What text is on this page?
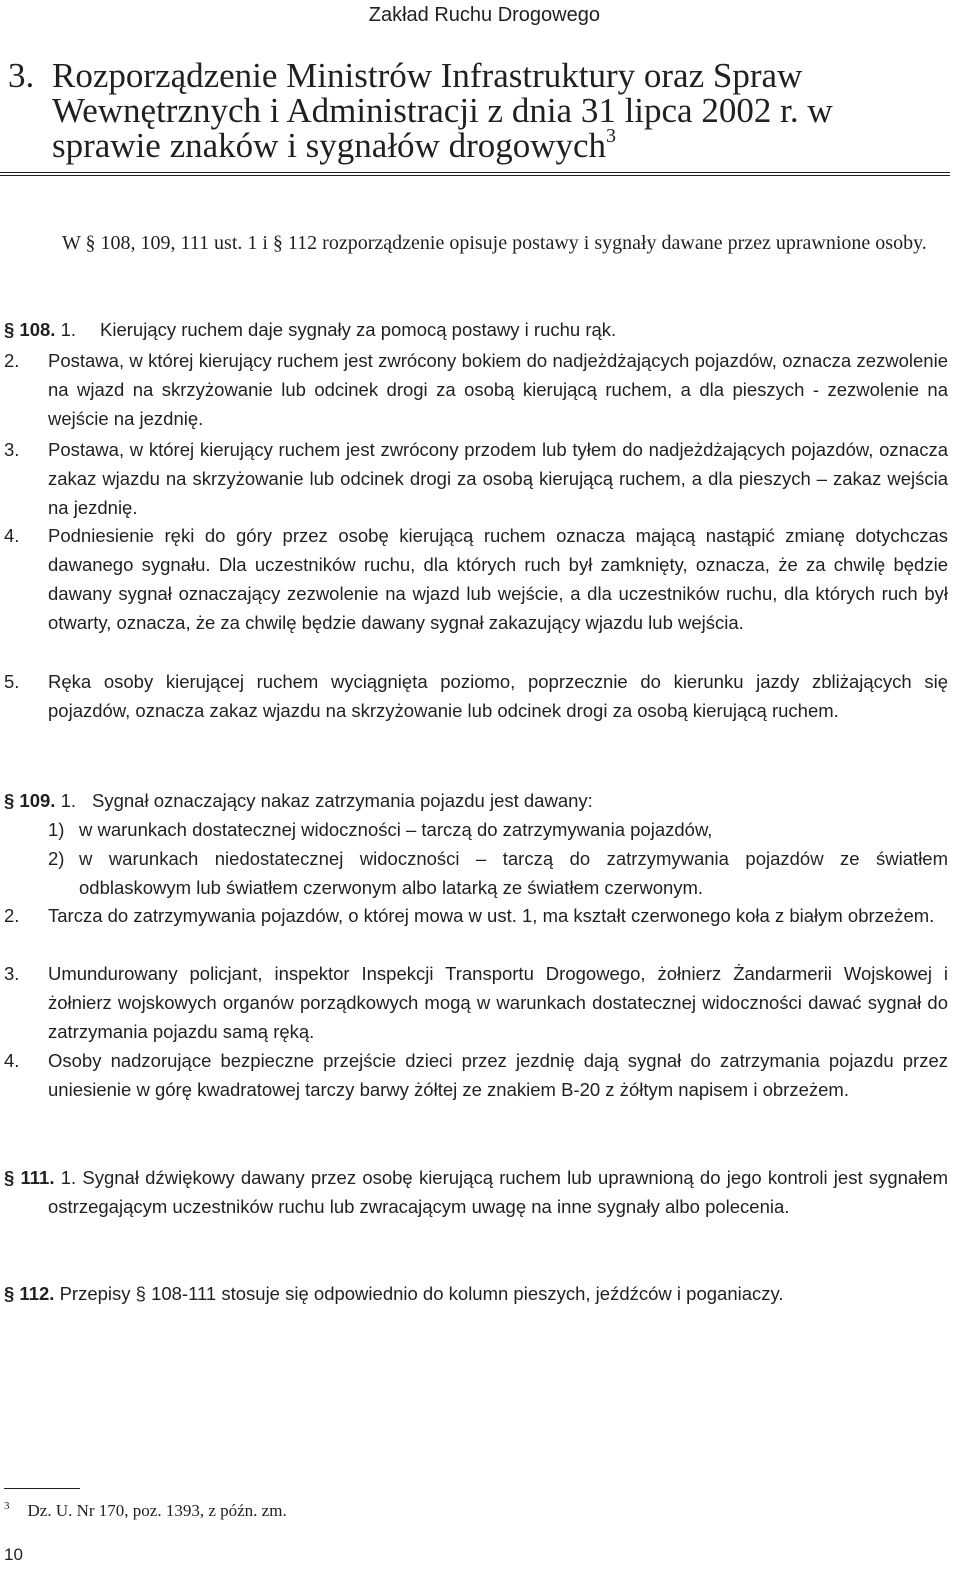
Zakład Ruchu Drogowego
3. Rozporządzenie Ministrów Infrastruktury oraz Spraw Wewnętrznych i Administracji z dnia 31 lipca 2002 r. w sprawie znaków i sygnałów drogowych$^3$
W § 108, 109, 111 ust. 1 i § 112 rozporządzenie opisuje postawy i sygnały dawane przez uprawnione osoby.
§ 108. 1. Kierujący ruchem daje sygnały za pomocą postawy i ruchu rąk.
2. Postawa, w której kierujący ruchem jest zwrócony bokiem do nadjeżdżających pojazdów, oznacza zezwolenie na wjazd na skrzyżowanie lub odcinek drogi za osobą kierującą ruchem, a dla pieszych - zezwolenie na wejście na jezdnię.
3. Postawa, w której kierujący ruchem jest zwrócony przodem lub tyłem do nadjeżdżających pojazdów, oznacza zakaz wjazdu na skrzyżowanie lub odcinek drogi za osobą kierującą ruchem, a dla pieszych – zakaz wejścia na jezdnię.
4. Podniesienie ręki do góry przez osobę kierującą ruchem oznacza mającą nastąpić zmianę dotychczas dawanego sygnału. Dla uczestników ruchu, dla których ruch był zamknięty, oznacza, że za chwilę będzie dawany sygnał oznaczający zezwolenie na wjazd lub wejście, a dla uczestników ruchu, dla których ruch był otwarty, oznacza, że za chwilę będzie dawany sygnał zakazujący wjazdu lub wejścia.
5. Ręka osoby kierującej ruchem wyciągnięta poziomo, poprzecznie do kierunku jazdy zbliżających się pojazdów, oznacza zakaz wjazdu na skrzyżowanie lub odcinek drogi za osobą kierującą ruchem.
§ 109. 1. Sygnał oznaczający nakaz zatrzymania pojazdu jest dawany:
1) w warunkach dostatecznej widoczności – tarczą do zatrzymywania pojazdów,
2) w warunkach niedostatecznej widoczności – tarczą do zatrzymywania pojazdów ze światłem odblaskowym lub światłem czerwonym albo latarką ze światłem czerwonym.
2. Tarcza do zatrzymywania pojazdów, o której mowa w ust. 1, ma kształt czerwonego koła z białym obrzeżem.
3. Umundurowany policjant, inspektor Inspekcji Transportu Drogowego, żołnierz Żandarmerii Wojskowej i żołnierz wojskowych organów porządkowych mogą w warunkach dostatecznej widoczności dawać sygnał do zatrzymania pojazdu samą ręką.
4. Osoby nadzorujące bezpieczne przejście dzieci przez jezdnię dają sygnał do zatrzymania pojazdu przez uniesienie w górę kwadratowej tarczy barwy żółtej ze znakiem B-20 z żółtym napisem i obrzeżem.
§ 111. 1. Sygnał dźwiękowy dawany przez osobę kierującą ruchem lub uprawnioną do jego kontroli jest sygnałem ostrzegającym uczestników ruchu lub zwracającym uwagę na inne sygnały albo polecenia.
§ 112. Przepisy § 108-111 stosuje się odpowiednio do kolumn pieszych, jeźdźców i poganiaczy.
$^3$ Dz. U. Nr 170, poz. 1393, z późn. zm.
10
